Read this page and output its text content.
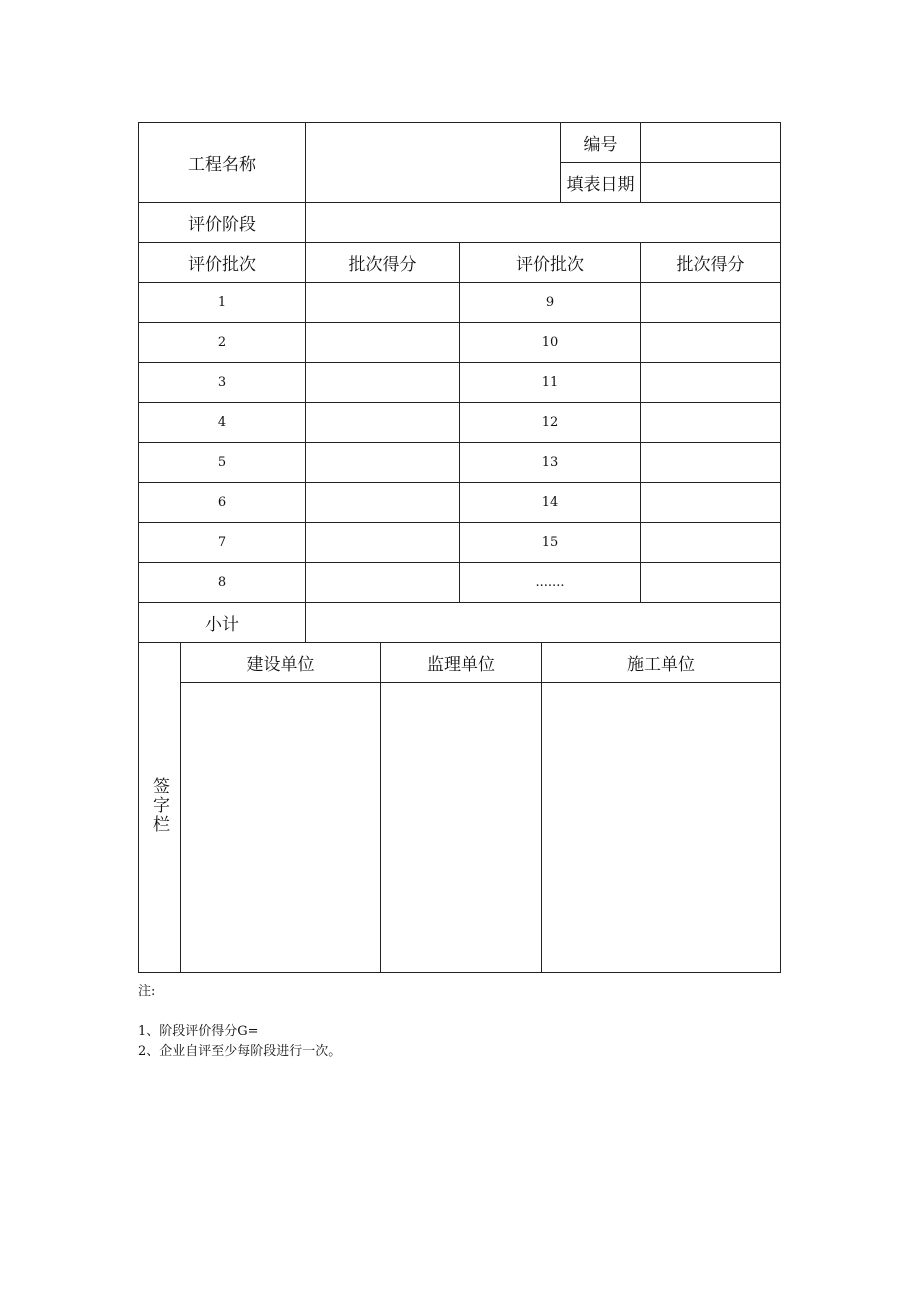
工程名称						编号	
						填表日期	
评价阶段							
评价批次		批次得分		评价批次			批次得分
1				9			
2				10			
3				11			
4				12			
5				13			
6				14			
7				15			
8				.......			
小计							
签字栏	建设单位		监理单位		施工单位		

注:
1、阶段评价得分G=
2、企业自评至少每阶段进行一次。
